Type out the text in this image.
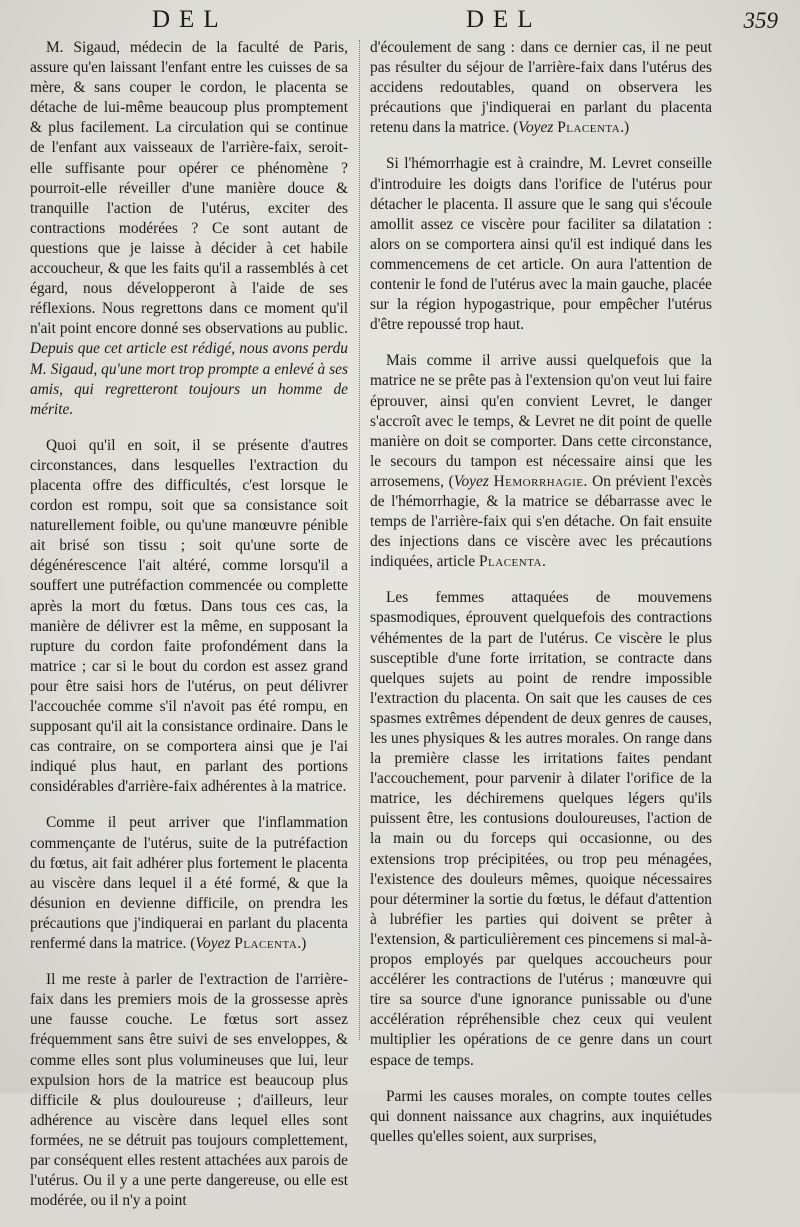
DEL	DEL	359

M. Sigaud, médecin de la faculté de Paris, assure qu'en laissant l'enfant entre les cuisses de sa mère, & sans couper le cordon, le placenta se détache de lui-même beaucoup plus promptement & plus facilement. La circulation qui se continue de l'enfant aux vaisseaux de l'arrière-faix, seroit-elle suffisante pour opérer ce phénomène ? pourroit-elle réveiller d'une manière douce & tranquille l'action de l'utérus, exciter des contractions modérées ? Ce sont autant de questions que je laisse à décider à cet habile accoucheur, & que les faits qu'il a rassemblés à cet égard, nous développeront à l'aide de ses réflexions. Nous regrettons dans ce moment qu'il n'ait point encore donné ses observations au public. Depuis que cet article est rédigé, nous avons perdu M. Sigaud, qu'une mort trop prompte a enlevé à ses amis, qui regretteront toujours un homme de mérite.

Quoi qu'il en soit, il se présente d'autres circonstances, dans lesquelles l'extraction du placenta offre des difficultés, c'est lorsque le cordon est rompu, soit que sa consistance soit naturellement foible, ou qu'une manœuvre pénible ait brisé son tissu ; soit qu'une sorte de dégénérescence l'ait altéré, comme lorsqu'il a souffert une putréfaction commencée ou complette après la mort du fœtus. Dans tous ces cas, la manière de délivrer est la même, en supposant la rupture du cordon faite profondément dans la matrice ; car si le bout du cordon est assez grand pour être saisi hors de l'utérus, on peut délivrer l'accouchée comme s'il n'avoit pas été rompu, en supposant qu'il ait la consistance ordinaire. Dans le cas contraire, on se comportera ainsi que je l'ai indiqué plus haut, en parlant des portions considérables d'arrière-faix adhérentes à la matrice.

Comme il peut arriver que l'inflammation commençante de l'utérus, suite de la putréfaction du fœtus, ait fait adhérer plus fortement le placenta au viscère dans lequel il a été formé, & que la désunion en devienne difficile, on prendra les précautions que j'indiquerai en parlant du placenta renfermé dans la matrice. (Voyez Placenta.)

Il me reste à parler de l'extraction de l'arrière-faix dans les premiers mois de la grossesse après une fausse couche. Le fœtus sort assez fréquemment sans être suivi de ses enveloppes, & comme elles sont plus volumineuses que lui, leur expulsion hors de la matrice est beaucoup plus difficile & plus douloureuse ; d'ailleurs, leur adhérence au viscère dans lequel elles sont formées, ne se détruit pas toujours complettement, par conséquent elles restent attachées aux parois de l'utérus. Ou il y a une perte dangereuse, ou elle est modérée, ou il n'y a point

d'écoulement de sang : dans ce dernier cas, il ne peut pas résulter du séjour de l'arrière-faix dans l'utérus des accidens redoutables, quand on observera les précautions que j'indiquerai en parlant du placenta retenu dans la matrice. (Voyez Placenta.)

Si l'hémorrhagie est à craindre, M. Levret conseille d'introduire les doigts dans l'orifice de l'utérus pour détacher le placenta. Il assure que le sang qui s'écoule amollit assez ce viscère pour faciliter sa dilatation : alors on se comportera ainsi qu'il est indiqué dans les commencemens de cet article. On aura l'attention de contenir le fond de l'utérus avec la main gauche, placée sur la région hypogastrique, pour empêcher l'utérus d'être repoussé trop haut.

Mais comme il arrive aussi quelquefois que la matrice ne se prête pas à l'extension qu'on veut lui faire éprouver, ainsi qu'en convient Levret, le danger s'accroît avec le temps, & Levret ne dit point de quelle manière on doit se comporter. Dans cette circonstance, le secours du tampon est nécessaire ainsi que les arrosemens, (Voyez Hemorrhagie. On prévient l'excès de l'hémorrhagie, & la matrice se débarrasse avec le temps de l'arrière-faix qui s'en détache. On fait ensuite des injections dans ce viscère avec les précautions indiquées, article Placenta.

Les femmes attaquées de mouvemens spasmodiques, éprouvent quelquefois des contractions véhémentes de la part de l'utérus. Ce viscère le plus susceptible d'une forte irritation, se contracte dans quelques sujets au point de rendre impossible l'extraction du placenta. On sait que les causes de ces spasmes extrêmes dépendent de deux genres de causes, les unes physiques & les autres morales. On range dans la première classe les irritations faites pendant l'accouchement, pour parvenir à dilater l'orifice de la matrice, les déchiremens quelques légers qu'ils puissent être, les contusions douloureuses, l'action de la main ou du forceps qui occasionne, ou des extensions trop précipitées, ou trop peu ménagées, l'existence des douleurs mêmes, quoique nécessaires pour déterminer la sortie du fœtus, le défaut d'attention à lubréfier les parties qui doivent se prêter à l'extension, & particulièrement ces pincemens si mal-à-propos employés par quelques accoucheurs pour accélérer les contractions de l'utérus ; manœuvre qui tire sa source d'une ignorance punissable ou d'une accélération répréhensible chez ceux qui veulent multiplier les opérations de ce genre dans un court espace de temps.

Parmi les causes morales, on compte toutes celles qui donnent naissance aux chagrins, aux inquiétudes quelles qu'elles soient, aux surprises,
